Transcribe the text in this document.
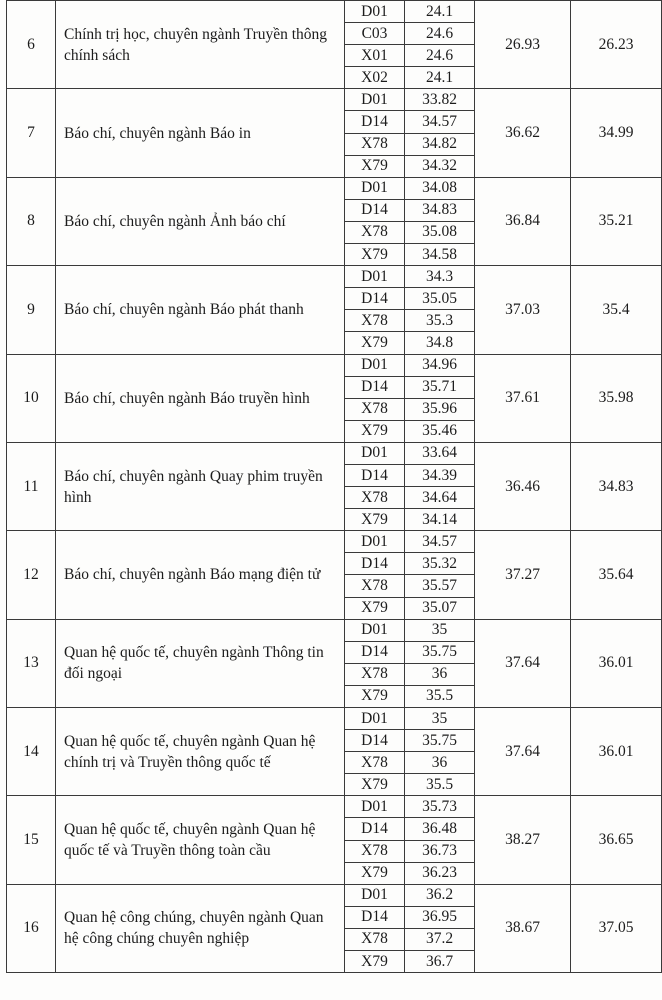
6	Chính trị học, chuyên ngành Truyền thông chính sách	D01	24.1	26.93	26.23
		C03	24.6		
		X01	24.6		
		X02	24.1		
7	Báo chí, chuyên ngành Báo in	D01	33.82	36.62	34.99
		D14	34.57		
		X78	34.82		
		X79	34.32		
8	Báo chí, chuyên ngành Ảnh báo chí	D01	34.08	36.84	35.21
		D14	34.83		
		X78	35.08		
		X79	34.58		
9	Báo chí, chuyên ngành Báo phát thanh	D01	34.3	37.03	35.4
		D14	35.05		
		X78	35.3		
		X79	34.8		
10	Báo chí, chuyên ngành Báo truyền hình	D01	34.96	37.61	35.98
		D14	35.71		
		X78	35.96		
		X79	35.46		
11	Báo chí, chuyên ngành Quay phim truyền hình	D01	33.64	36.46	34.83
		D14	34.39		
		X78	34.64		
		X79	34.14		
12	Báo chí, chuyên ngành Báo mạng điện tử	D01	34.57	37.27	35.64
		D14	35.32		
		X78	35.57		
		X79	35.07		
13	Quan hệ quốc tế, chuyên ngành Thông tin đối ngoại	D01	35	37.64	36.01
		D14	35.75		
		X78	36		
		X79	35.5		
14	Quan hệ quốc tế, chuyên ngành Quan hệ chính trị và Truyền thông quốc tế	D01	35	37.64	36.01
		D14	35.75		
		X78	36		
		X79	35.5		
15	Quan hệ quốc tế, chuyên ngành Quan hệ quốc tế và Truyền thông toàn cầu	D01	35.73	38.27	36.65
		D14	36.48		
		X78	36.73		
		X79	36.23		
16	Quan hệ công chúng, chuyên ngành Quan hệ công chúng chuyên nghiệp	D01	36.2	38.67	37.05
		D14	36.95		
		X78	37.2		
		X79	36.7		
